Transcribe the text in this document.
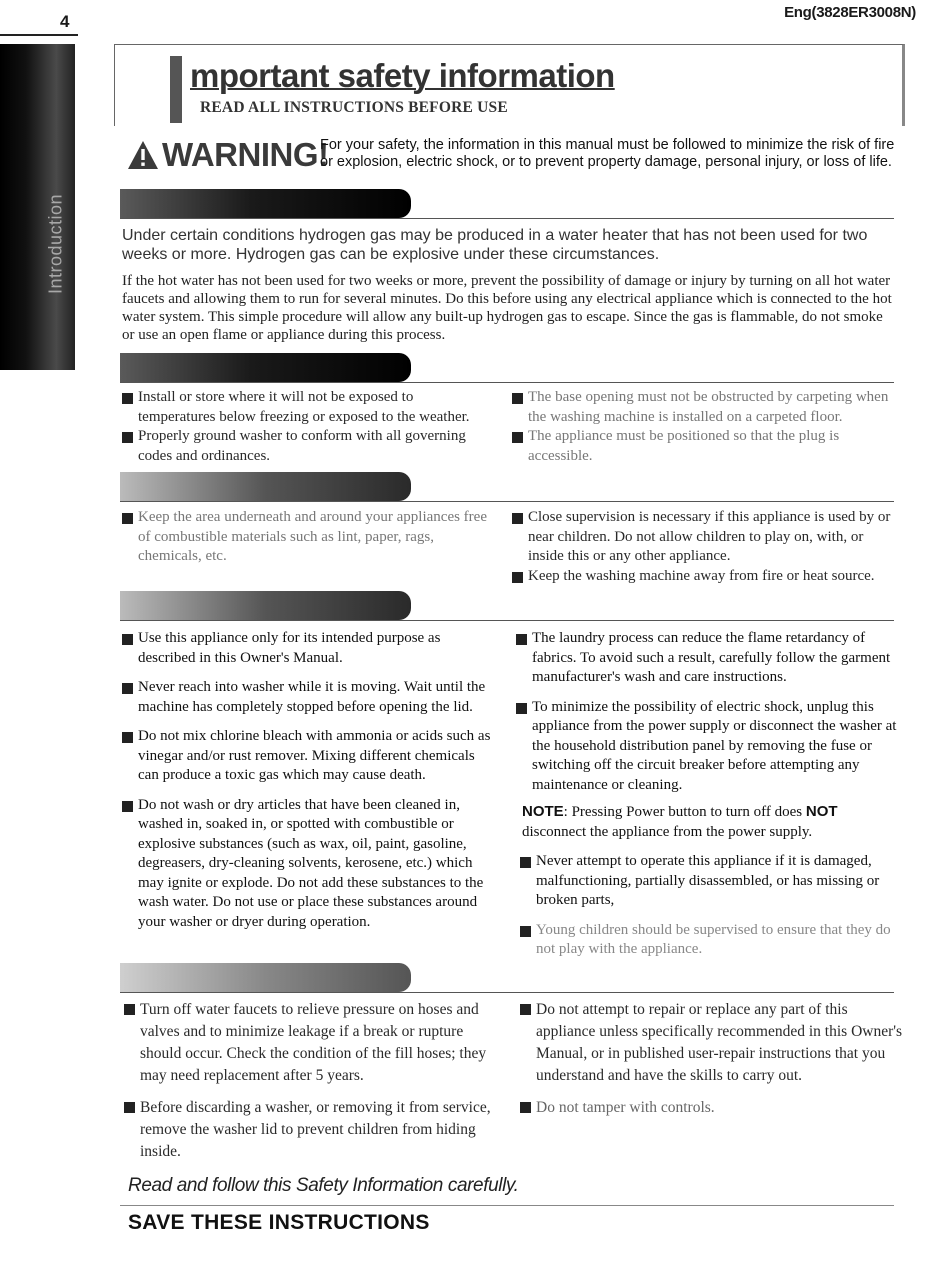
4	Eng(3828ER3008N)
Introduction
mportant safety information
READ ALL INSTRUCTIONS BEFORE USE
WARNING!
For your safety, the information in this manual must be followed to minimize the risk of fire or explosion, electric shock, or to prevent property damage, personal injury, or loss of life.
Under certain conditions hydrogen gas may be produced in a water heater that has not been used for two weeks or more. Hydrogen gas can be explosive under these circumstances.
If the hot water has not been used for two weeks or more, prevent the possibility of damage or injury by turning on all hot water faucets and allowing them to run for several minutes. Do this before using any electrical appliance which is connected to the hot water system. This simple procedure will allow any built-up hydrogen gas to escape. Since the gas is flammable, do not smoke or use an open flame or appliance during this process.
Install or store where it will not be exposed to temperatures below freezing or exposed to the weather.
Properly ground washer to conform with all governing codes and ordinances.
The base opening must not be obstructed by carpeting when the washing machine is installed on a carpeted floor.
The appliance must be positioned so that the plug is accessible.
Keep the area underneath and around your appliances free of combustible materials such as lint, paper, rags, chemicals, etc.
Close supervision is necessary if this appliance is used by or near children. Do not allow children to play on, with, or inside this or any other appliance.
Keep the washing machine away from fire or heat source.
Use this appliance only for its intended purpose as described in this Owner's Manual.
Never reach into washer while it is moving. Wait until the machine has completely stopped before opening the lid.
Do not mix chlorine bleach with ammonia or acids such as vinegar and/or rust remover. Mixing different chemicals can produce a toxic gas which may cause death.
Do not wash or dry articles that have been cleaned in, washed in, soaked in, or spotted with combustible or explosive substances (such as wax, oil, paint, gasoline, degreasers, dry-cleaning solvents, kerosene, etc.) which may ignite or explode. Do not add these substances to the wash water. Do not use or place these substances around your washer or dryer during operation.
The laundry process can reduce the flame retardancy of fabrics. To avoid such a result, carefully follow the garment manufacturer's wash and care instructions.
To minimize the possibility of electric shock, unplug this appliance from the power supply or disconnect the washer at the household distribution panel by removing the fuse or switching off the circuit breaker before attempting any maintenance or cleaning.
NOTE: Pressing Power button to turn off does NOT disconnect the appliance from the power supply.
Never attempt to operate this appliance if it is damaged, malfunctioning, partially disassembled, or has missing or broken parts,
Young children should be supervised to ensure that they do not play with the appliance.
Turn off water faucets to relieve pressure on hoses and valves and to minimize leakage if a break or rupture should occur. Check the condition of the fill hoses; they may need replacement after 5 years.
Before discarding a washer, or removing it from service, remove the washer lid to prevent children from hiding inside.
Do not attempt to repair or replace any part of this appliance unless specifically recommended in this Owner's Manual, or in published user-repair instructions that you understand and have the skills to carry out.
Do not tamper with controls.
Read and follow this Safety Information carefully.
SAVE THESE INSTRUCTIONS
